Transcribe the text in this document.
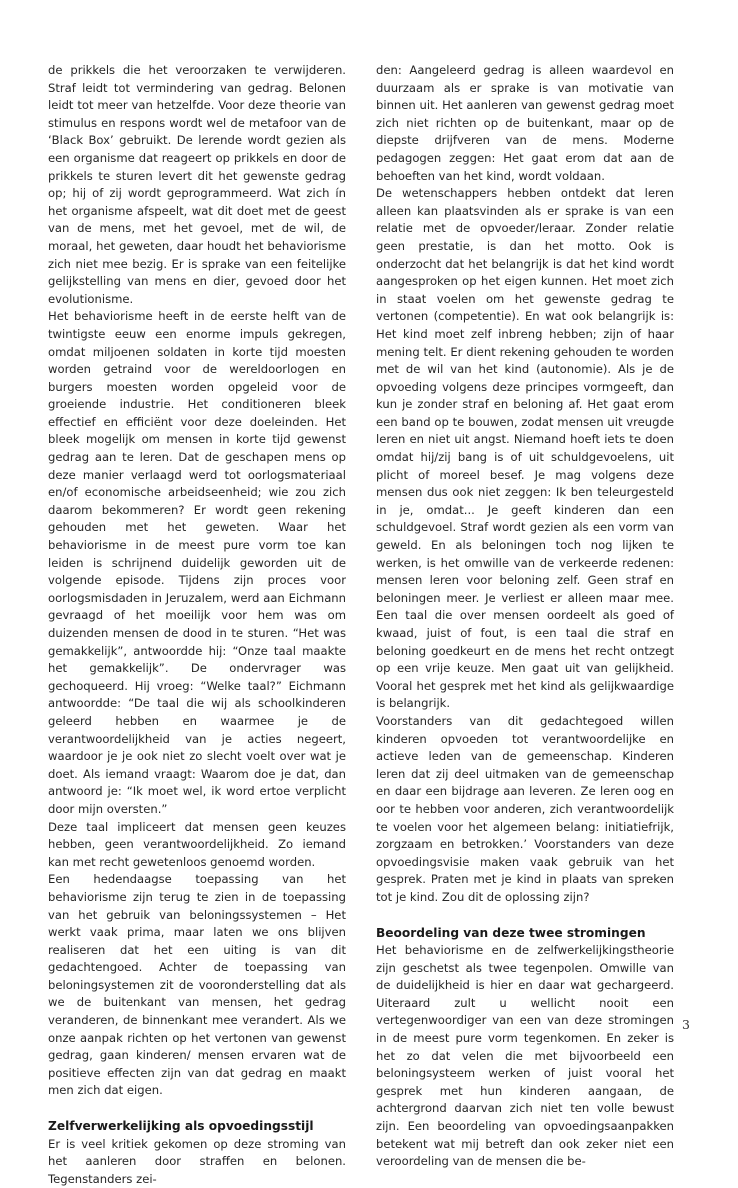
de prikkels die het veroorzaken te verwijderen. Straf leidt tot vermindering van gedrag. Belonen leidt tot meer van hetzelfde. Voor deze theorie van stimulus en respons wordt wel de metafoor van de ‘Black Box’ gebruikt. De lerende wordt gezien als een organisme dat reageert op prikkels en door de prikkels te sturen levert dit het gewenste gedrag op; hij of zij wordt geprogrammeerd. Wat zich ín het organisme afspeelt, wat dit doet met de geest van de mens, met het gevoel, met de wil, de moraal, het geweten, daar houdt het behaviorisme zich niet mee bezig. Er is sprake van een feitelijke gelijkstelling van mens en dier, gevoed door het evolutionisme.

Het behaviorisme heeft in de eerste helft van de twintigste eeuw een enorme impuls gekregen, omdat miljoenen soldaten in korte tijd moesten worden getraind voor de wereldoorlogen en burgers moesten worden opgeleid voor de groeiende industrie. Het conditioneren bleek effectief en efficiënt voor deze doeleinden. Het bleek mogelijk om mensen in korte tijd gewenst gedrag aan te leren. Dat de geschapen mens op deze manier verlaagd werd tot oorlogsmateriaal en/of economische arbeidseenheid; wie zou zich daarom bekommeren? Er wordt geen rekening gehouden met het geweten. Waar het behaviorisme in de meest pure vorm toe kan leiden is schrijnend duidelijk geworden uit de volgende episode. Tijdens zijn proces voor oorlogsmisdaden in Jeruzalem, werd aan Eichmann gevraagd of het moeilijk voor hem was om duizenden mensen de dood in te sturen. “Het was gemakkelijk”, antwoordde hij: “Onze taal maakte het gemakkelijk”. De ondervrager was gechoqueerd. Hij vroeg: “Welke taal?” Eichmann antwoordde: “De taal die wij als schoolkinderen geleerd hebben en waarmee je de verantwoordelijkheid van je acties negeert, waardoor je je ook niet zo slecht voelt over wat je doet. Als iemand vraagt: Waarom doe je dat, dan antwoord je: “Ik moet wel, ik word ertoe verplicht door mijn oversten.”

Deze taal impliceert dat mensen geen keuzes hebben, geen verantwoordelijkheid. Zo iemand kan met recht gewetenloos genoemd worden.

Een hedendaagse toepassing van het behaviorisme zijn terug te zien in de toepassing van het gebruik van beloningssystemen – Het werkt vaak prima, maar laten we ons blijven realiseren dat het een uiting is van dit gedachtengoed. Achter de toepassing van beloningsystemen zit de vooronderstelling dat als we de buitenkant van mensen, het gedrag veranderen, de binnenkant mee verandert. Als we onze aanpak richten op het vertonen van gewenst gedrag, gaan kinderen/ mensen ervaren wat de positieve effecten zijn van dat gedrag en maakt men zich dat eigen.

Zelfverwerkelijking als opvoedingsstijl

Er is veel kritiek gekomen op deze stroming van het aanleren door straffen en belonen. Tegenstanders zei-

den: Aangeleerd gedrag is alleen waardevol en duurzaam als er sprake is van motivatie van binnen uit. Het aanleren van gewenst gedrag moet zich niet richten op de buitenkant, maar op de diepste drijfveren van de mens. Moderne pedagogen zeggen: Het gaat erom dat aan de behoeften van het kind, wordt voldaan.

De wetenschappers hebben ontdekt dat leren alleen kan plaatsvinden als er sprake is van een relatie met de opvoeder/leraar. Zonder relatie geen prestatie, is dan het motto. Ook is onderzocht dat het belangrijk is dat het kind wordt aangesproken op het eigen kunnen. Het moet zich in staat voelen om het gewenste gedrag te vertonen (competentie). En wat ook belangrijk is: Het kind moet zelf inbreng hebben; zijn of haar mening telt. Er dient rekening gehouden te worden met de wil van het kind (autonomie). Als je de opvoeding volgens deze principes vormgeeft, dan kun je zonder straf en beloning af. Het gaat erom een band op te bouwen, zodat mensen uit vreugde leren en niet uit angst. Niemand hoeft iets te doen omdat hij/zij bang is of uit schuldgevoelens, uit plicht of moreel besef. Je mag volgens deze mensen dus ook niet zeggen: Ik ben teleurgesteld in je, omdat... Je geeft kinderen dan een schuldgevoel. Straf wordt gezien als een vorm van geweld. En als beloningen toch nog lijken te werken, is het omwille van de verkeerde redenen: mensen leren voor beloning zelf. Geen straf en beloningen meer. Je verliest er alleen maar mee. Een taal die over mensen oordeelt als goed of kwaad, juist of fout, is een taal die straf en beloning goedkeurt en de mens het recht ontzegt op een vrije keuze. Men gaat uit van gelijkheid. Vooral het gesprek met het kind als gelijkwaardige is belangrijk.

Voorstanders van dit gedachtegoed willen kinderen opvoeden tot verantwoordelijke en actieve leden van de gemeenschap. Kinderen leren dat zij deel uitmaken van de gemeenschap en daar een bijdrage aan leveren. Ze leren oog en oor te hebben voor anderen, zich verantwoordelijk te voelen voor het algemeen belang: initiatiefrijk, zorgzaam en betrokken.’ Voorstanders van deze opvoedingsvisie maken vaak gebruik van het gesprek. Praten met je kind in plaats van spreken tot je kind. Zou dit de oplossing zijn?

Beoordeling van deze twee stromingen

Het behaviorisme en de zelfwerkelijkingstheorie zijn geschetst als twee tegenpolen. Omwille van de duidelijkheid is hier en daar wat gechargeerd. Uiteraard zult u wellicht nooit een vertegenwoordiger van een van deze stromingen in de meest pure vorm tegenkomen. En zeker is het zo dat velen die met bijvoorbeeld een beloningsysteem werken of juist vooral het gesprek met hun kinderen aangaan, de achtergrond daarvan zich niet ten volle bewust zijn. Een beoordeling van opvoedingsaanpakken betekent wat mij betreft dan ook zeker niet een veroordeling van de mensen die be-

3
